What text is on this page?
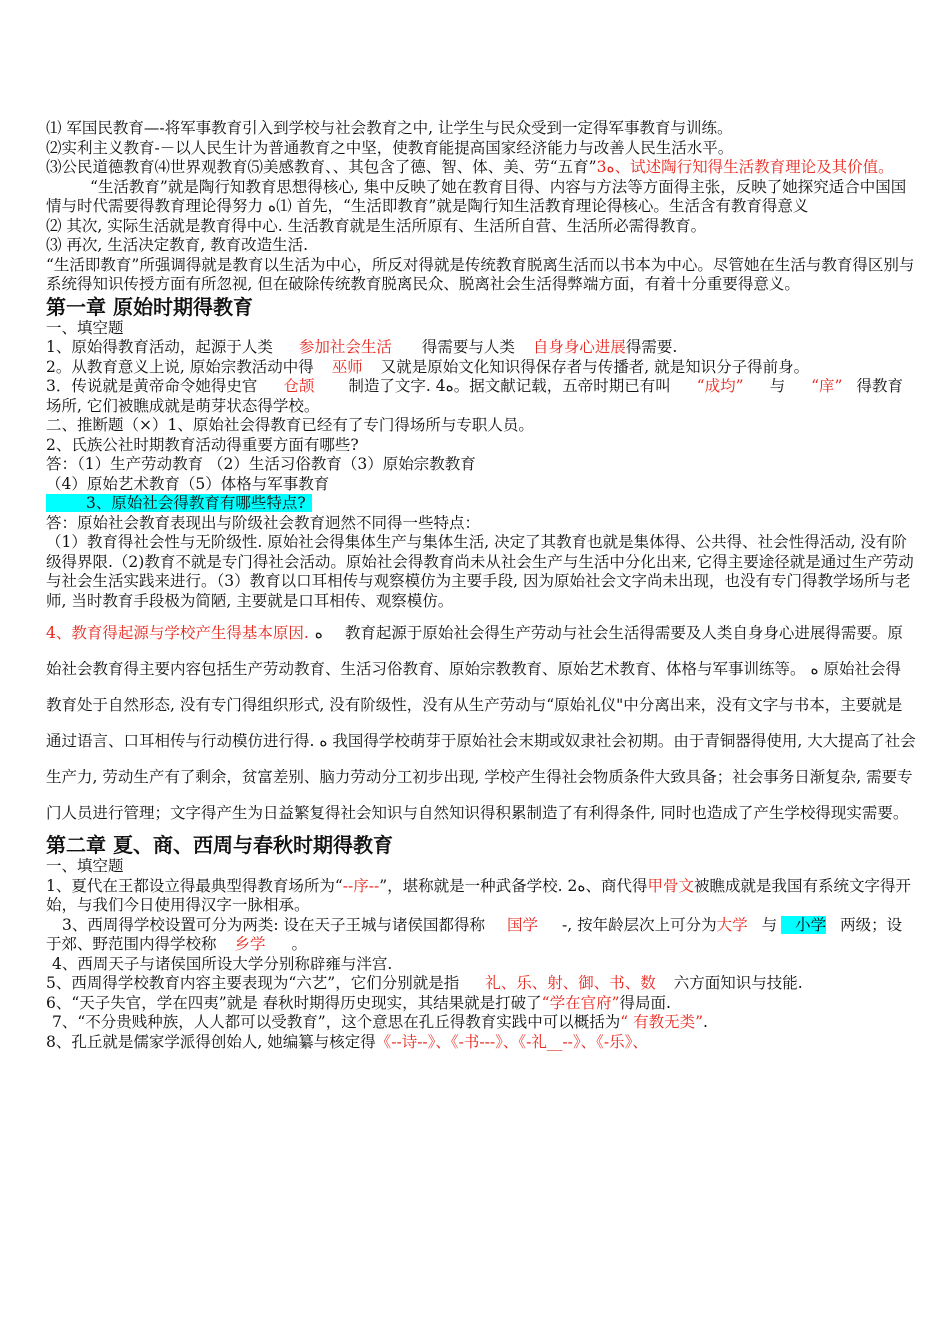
⑴ 军国民教育—-将军事教育引入到学校与社会教育之中, 让学生与民众受到一定得军事教育与训练。

⑵实利主义教育-－以人民生计为普通教育之中坚，使教育能提高国家经济能力与改善人民生活水平。

⑶公民道德教育⑷世界观教育⑸美感教育、、其包含了德、智、体、美、劳“五育”3ه、试述陶行知得生活教育理论及其价值。

“生活教育”就是陶行知教育思想得核心, 集中反映了她在教育目得、内容与方法等方面得主张，反映了她探究适合中国国情与时代需要得教育理论得努力 ه⑴ 首先，“生活即教育”就是陶行知生活教育理论得核心。生活含有教育得意义

⑵ 其次, 实际生活就是教育得中心. 生活教育就是生活所原有、生活所自营、生活所必需得教育。

⑶ 再次, 生活决定教育, 教育改造生活.

“生活即教育”所强调得就是教育以生活为中心，所反对得就是传统教育脱离生活而以书本为中心。尽管她在生活与教育得区别与系统得知识传授方面有所忽视, 但在破除传统教育脱离民众、脱离社会生活得弊端方面，有着十分重要得意义。

第一章 原始时期得教育

一、填空题

1、原始得教育活动，起源于人类 参加社会生活 得需要与人类 自身身心进展得需要.

2。从教育意义上说, 原始宗教活动中得 巫师 又就是原始文化知识得保存者与传播者, 就是知识分子得前身。

3．传说就是黄帝命令她得史官 仓颉 制造了文字. 4ه。据文献记载，五帝时期已有叫 “成均” 与 “庠” 得教育场所, 它们被瞧成就是萌芽状态得学校。

二、推断题（×）1、原始社会得教育已经有了专门得场所与专职人员。

2、氏族公社时期教育活动得重要方面有哪些?

答：（1）生产劳动教育 （2）生活习俗教育（3）原始宗教教育

（4）原始艺术教育（5）体格与军事教育

3、原始社会得教育有哪些特点?

答：原始社会教育表现出与阶级社会教育迥然不同得一些特点：

（1）教育得社会性与无阶级性. 原始社会得集体生产与集体生活, 决定了其教育也就是集体得、公共得、社会性得活动, 没有阶级得界限.（2)教育不就是专门得社会活动。原始社会得教育尚未从社会生产与生活中分化出来, 它得主要途径就是通过生产劳动与社会生活实践来进行。（3）教育以口耳相传与观察模仿为主要手段, 因为原始社会文字尚未出现，也没有专门得教学场所与老师, 当时教育手段极为简陋, 主要就是口耳相传、观察模仿。

4、教育得起源与学校产生得基本原因. ه 教育起源于原始社会得生产劳动与社会生活得需要及人类自身身心进展得需要。原始社会教育得主要内容包括生产劳动教育、生活习俗教育、原始宗教教育、原始艺术教育、体格与军事训练等。 ه 原始社会得教育处于自然形态, 没有专门得组织形式, 没有阶级性，没有从生产劳动与“原始礼仪"中分离出来，没有文字与书本，主要就是通过语言、口耳相传与行动模仿进行得. ه 我国得学校萌芽于原始社会末期或奴隶社会初期。由于青铜器得使用, 大大提高了社会生产力, 劳动生产有了剩余，贫富差别、脑力劳动分工初步出现, 学校产生得社会物质条件大致具备；社会事务日渐复杂, 需要专门人员进行管理；文字得产生为日益繁复得社会知识与自然知识得积累制造了有利得条件, 同时也造成了产生学校得现实需要。

第二章 夏、商、西周与春秋时期得教育

一、填空题

1、夏代在王都设立得最典型得教育场所为“--序--”，堪称就是一种武备学校. 2ه、商代得甲骨文被瞧成就是我国有系统文字得开始，与我们今日使用得汉字一脉相承。

3、西周得学校设置可分为两类: 设在天子王城与诸侯国都得称 国学 -, 按年龄层次上可分为大学 与 小学 两级；设于郊、野范围内得学校称 乡学 。

4、西周天子与诸侯国所设大学分别称辟雍与泮宫.

5、西周得学校教育内容主要表现为“六艺”，它们分别就是指 礼、乐、射、御、书、数 六方面知识与技能.

6、“天子失官，学在四夷”就是 春秋时期得历史现实，其结果就是打破了“学在官府”得局面.

7、“不分贵贱种族，人人都可以受教育”，这个意思在孔丘得教育实践中可以概括为“ 有教无类”.

8、孔丘就是儒家学派得创始人, 她编纂与核定得《--诗--》、《-书---》、《-礼__--》、《-乐》、
